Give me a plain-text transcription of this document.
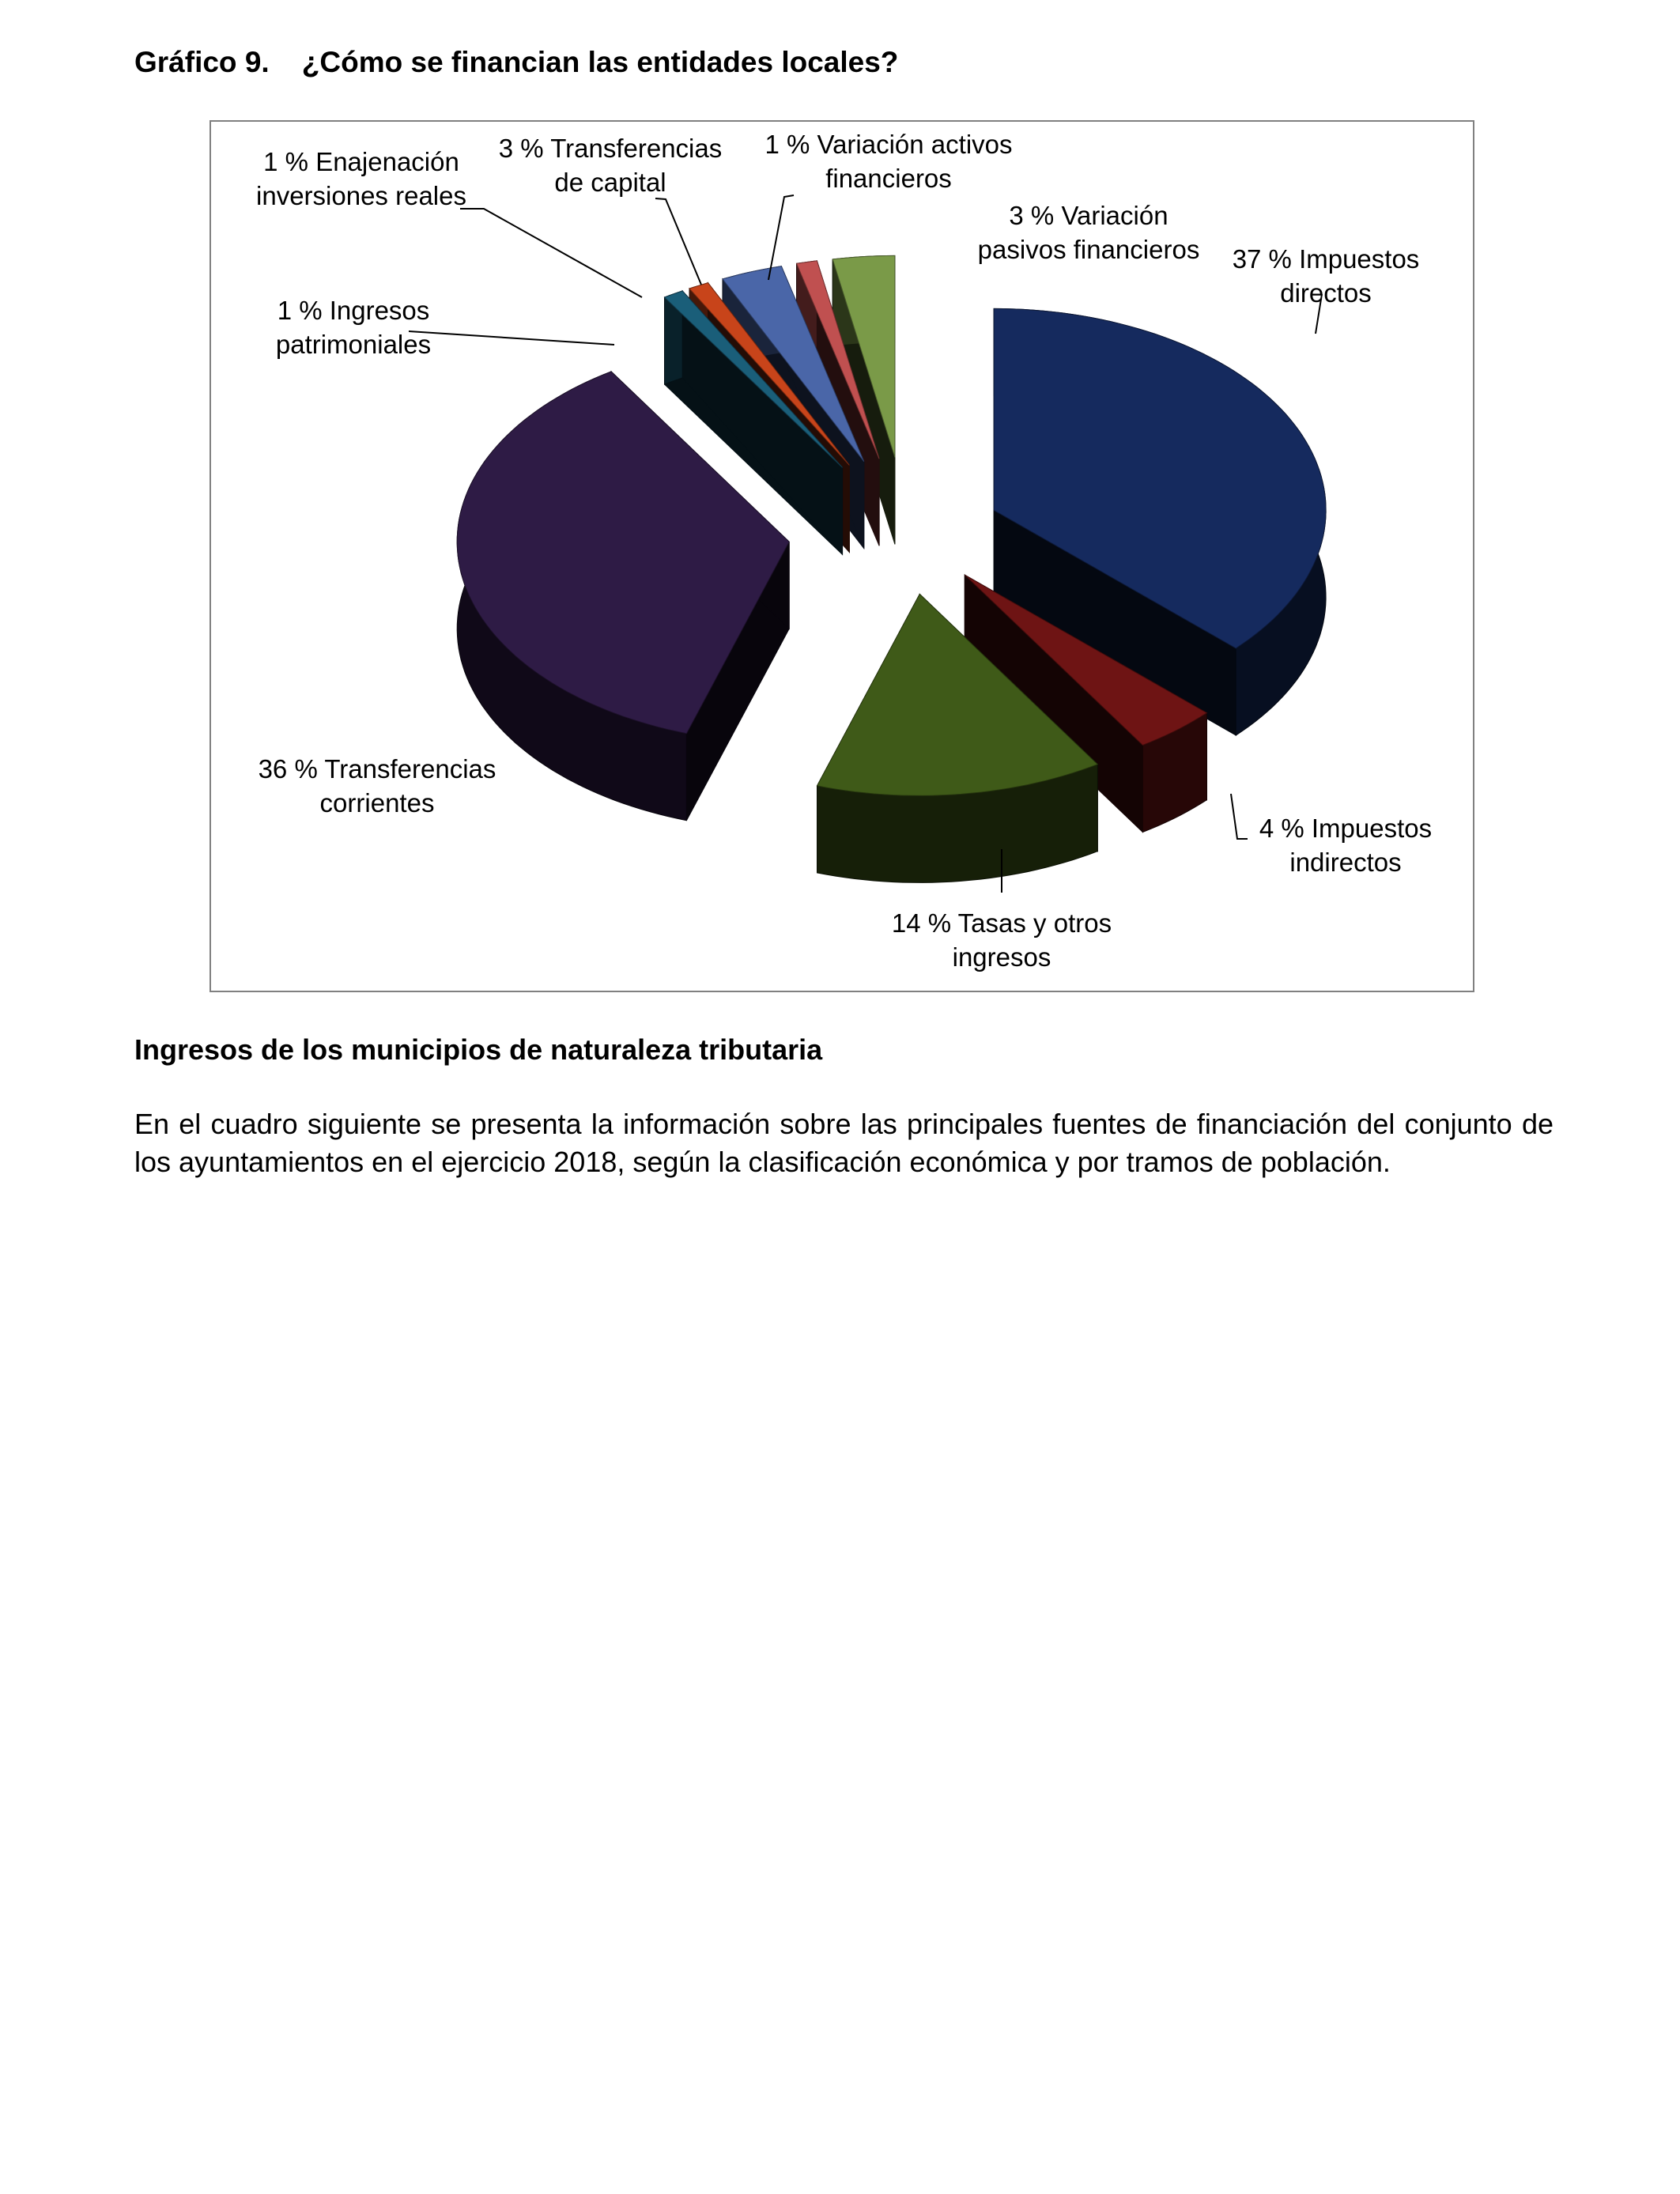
Gráfico 9.    ¿Cómo se financian las entidades locales?
37 % Impuestos directos
4 % Impuestos indirectos
14 % Tasas y otros ingresos
36 % Transferencias corrientes
1 % Ingresos patrimoniales
1 % Enajenación inversiones reales
3 % Transferencias de capital
1 % Variación activos financieros
3 % Variación pasivos financieros
Ingresos de los municipios de naturaleza tributaria
En el cuadro siguiente se presenta la información sobre las principales fuentes de financiación del conjunto de los ayuntamientos en el ejercicio 2018, según la clasificación económica y por tramos de población.
